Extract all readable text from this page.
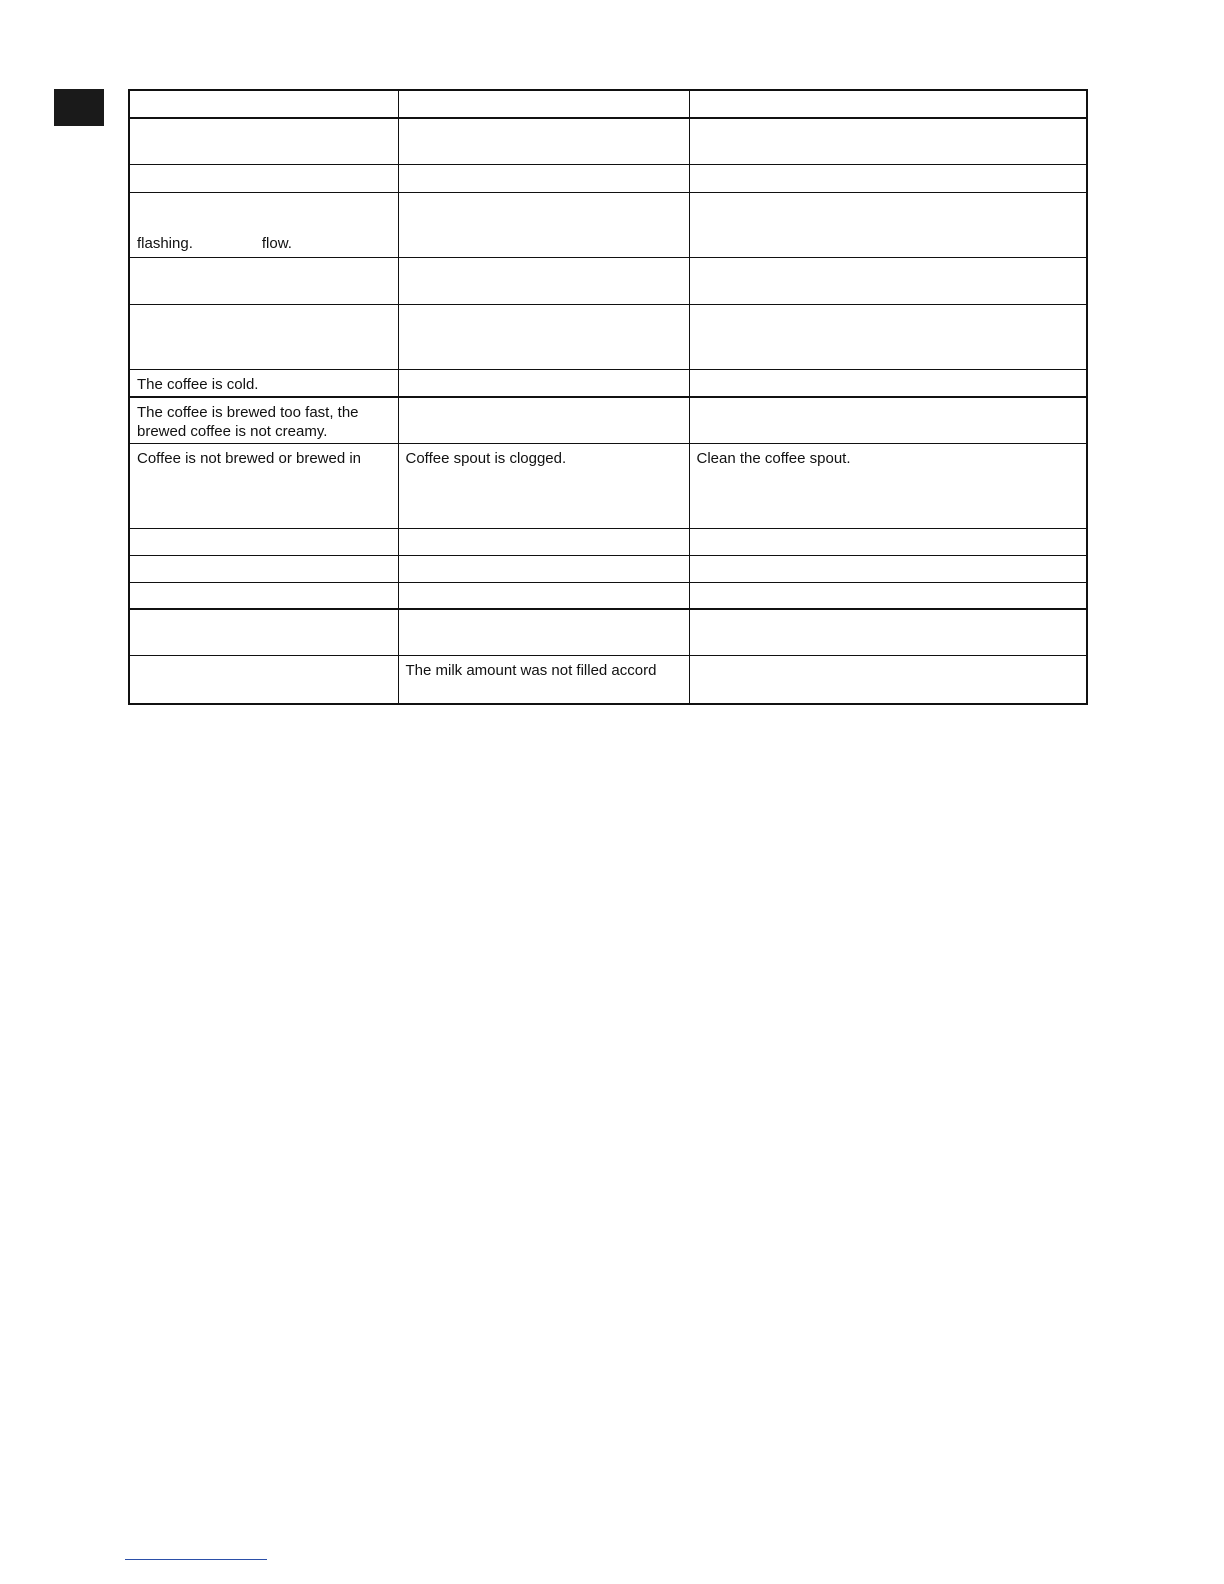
flashing. flow.		

The coffee is cold.		

The coffee is brewed too fast, the brewed coffee is not creamy.		

Coffee is not brewed or brewed in	Coffee spout is clogged.	Clean the coffee spout.

	The milk amount was not filled accord	
